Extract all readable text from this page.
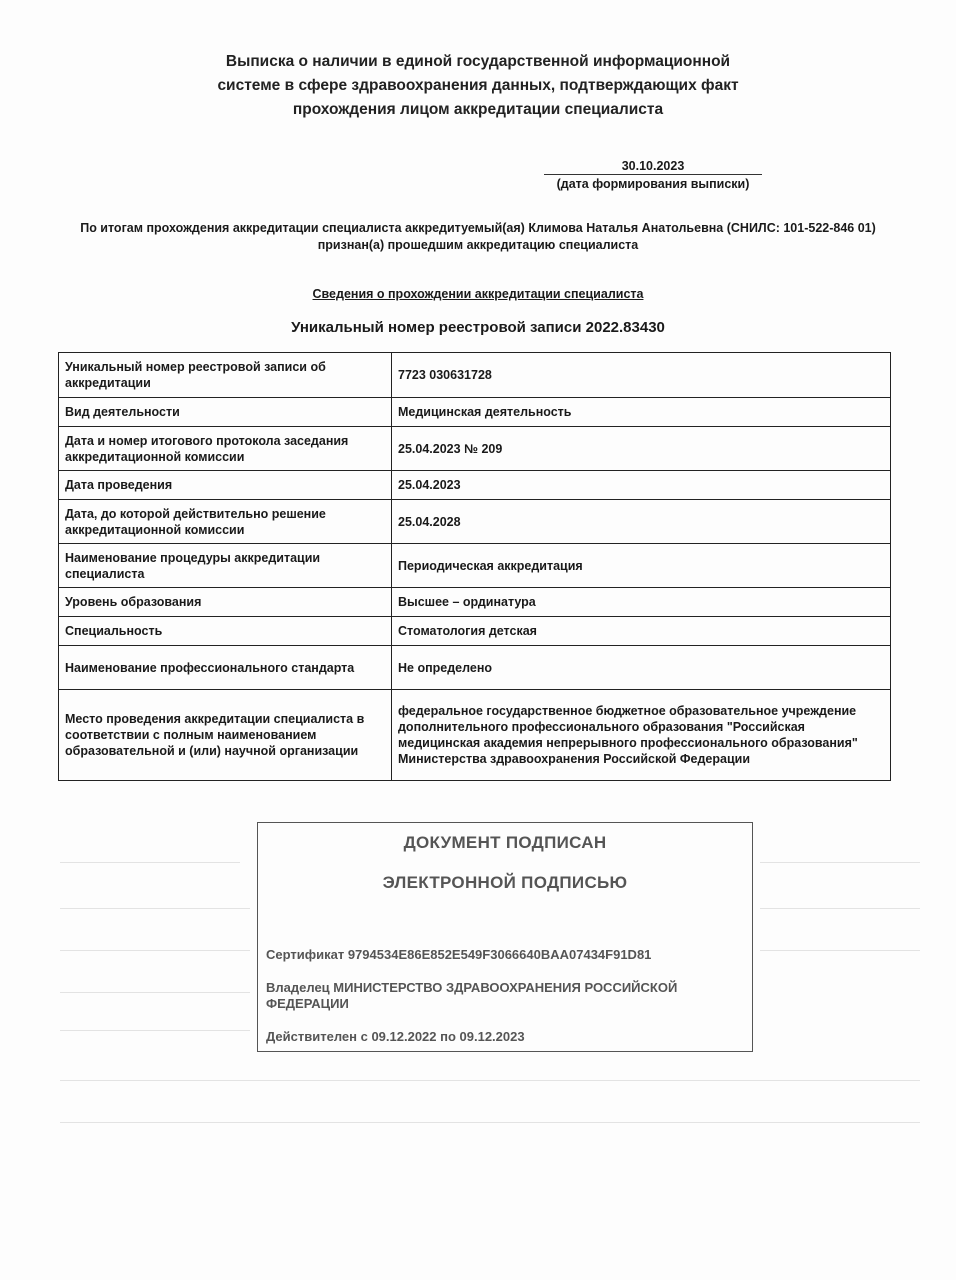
Выписка о наличии в единой государственной информационной
системе в сфере здравоохранения данных, подтверждающих факт
прохождения лицом аккредитации специалиста
30.10.2023
(дата формирования выписки)
По итогам прохождения аккредитации специалиста аккредитуемый(ая) Климова Наталья Анатольевна (СНИЛС: 101-522-846 01) признан(а) прошедшим аккредитацию специалиста
Сведения о прохождении аккредитации специалиста
Уникальный номер реестровой записи 2022.83430
Уникальный номер реестровой записи об аккредитации	7723 030631728
Вид деятельности	Медицинская деятельность
Дата и номер итогового протокола заседания аккредитационной комиссии	25.04.2023 № 209
Дата проведения	25.04.2023
Дата, до которой действительно решение аккредитационной комиссии	25.04.2028
Наименование процедуры аккредитации специалиста	Периодическая аккредитация
Уровень образования	Высшее – ординатура
Специальность	Стоматология детская
Наименование профессионального стандарта	Не определено
Место проведения аккредитации специалиста в соответствии с полным наименованием образовательной и (или) научной организации	федеральное государственное бюджетное образовательное учреждение дополнительного профессионального образования "Российская медицинская академия непрерывного профессионального образования" Министерства здравоохранения Российской Федерации
ДОКУМЕНТ ПОДПИСАН
ЭЛЕКТРОННОЙ ПОДПИСЬЮ
Сертификат 9794534E86E852E549F3066640BAA07434F91D81
Владелец МИНИСТЕРСТВО ЗДРАВООХРАНЕНИЯ РОССИЙСКОЙ ФЕДЕРАЦИИ
Действителен с 09.12.2022 по 09.12.2023
